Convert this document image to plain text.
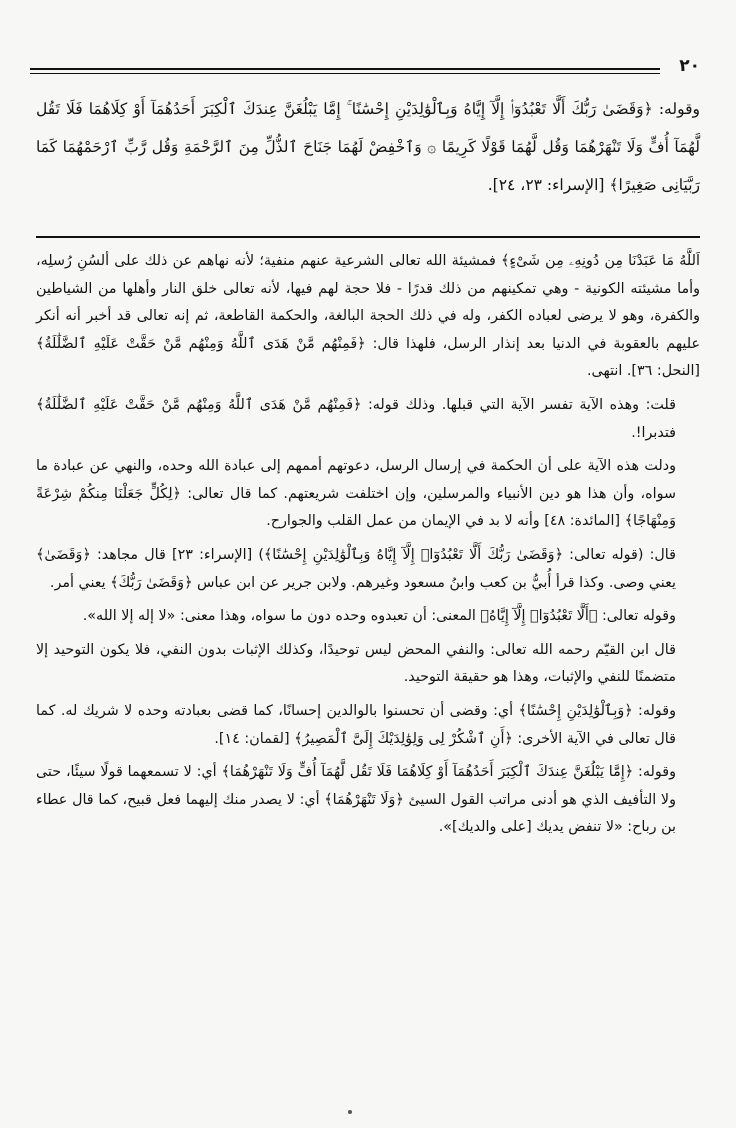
٢٠
وقوله: ﴿وَقَضَىٰ رَبُّكَ أَلَّا تَعْبُدُوٓا۟ إِلَّآ إِيَّاهُ وَبِٱلْوَٰلِدَيْنِ إِحْسَٰنًا ۚ إِمَّا يَبْلُغَنَّ عِندَكَ ٱلْكِبَرَ أَحَدُهُمَآ أَوْ كِلَاهُمَا فَلَا تَقُل لَّهُمَآ أُفٍّ وَلَا تَنْهَرْهُمَا وَقُل لَّهُمَا قَوْلًا كَرِيمًا ۞ وَٱخْفِضْ لَهُمَا جَنَاحَ ٱلذُّلِّ مِنَ ٱلرَّحْمَةِ وَقُل رَّبِّ ٱرْحَمْهُمَا كَمَا رَبَّيَانِى صَغِيرًا﴾ [الإسراء: ٢٣، ٢٤].

اَللَّهُ مَا عَبَدْنَا مِن دُونِهِۦ مِن شَىْءٍ﴾ فمشيئة الله تعالى الشرعية عنهم منفية؛ لأنه نهاهم عن ذلك على ألسُنِ رُسلِه، وأما مشيئته الكونية - وهي تمكينهم من ذلك قدرًا - فلا حجة لهم فيها، لأنه تعالى خلق النار وأهلها من الشياطين والكفرة، وهو لا يرضى لعباده الكفر، وله في ذلك الحجة البالغة، والحكمة القاطعة، ثم إنه تعالى قد أخبر أنه أنكر عليهم بالعقوبة في الدنيا بعد إنذار الرسل، فلهذا قال: ﴿فَمِنْهُم مَّنْ هَدَى ٱللَّهُ وَمِنْهُم مَّنْ حَقَّتْ عَلَيْهِ ٱلضَّلَٰلَةُ﴾ [النحل: ٣٦]. انتهى.

قلت: وهذه الآية تفسر الآية التي قبلها. وذلك قوله: ﴿فَمِنْهُم مَّنْ هَدَى ٱللَّهُ وَمِنْهُم مَّنْ حَقَّتْ عَلَيْهِ ٱلضَّلَٰلَةُ﴾ فتدبرا!.

ودلت هذه الآية على أن الحكمة في إرسال الرسل، دعوتهم أممهم إلى عبادة الله وحده، والنهي عن عبادة ما سواه، وأن هذا هو دين الأنبياء والمرسلين، وإن اختلفت شريعتهم. كما قال تعالى: ﴿لِكُلٍّ جَعَلْنَا مِنكُمْ شِرْعَةً وَمِنْهَاجًا﴾ [المائدة: ٤٨] وأنه لا بد في الإيمان من عمل القلب والجوارح.

قال: (قوله تعالى: ﴿وَقَضَىٰ رَبُّكَ أَلَّا تَعْبُدُوٓا۟ إِلَّآ إِيَّاهُ وَبِٱلْوَٰلِدَيْنِ إِحْسَٰنًا﴾) [الإسراء: ٢٣] قال مجاهد: ﴿وَقَضَىٰ﴾ يعني وصى. وكذا قرأ أُبيُّ بن كعب وابنُ مسعود وغيرهم. ولابن جرير عن ابن عباس ﴿وَقَضَىٰ رَبُّكَ﴾ يعني أمر.

وقوله تعالى: ﴿أَلَّا تَعْبُدُوٓا۟ إِلَّآ إِيَّاهُ﴾ المعنى: أن تعبدوه وحده دون ما سواه، وهذا معنى: «لا إله إلا الله».

قال ابن القيّم رحمه الله تعالى: والنفي المحض ليس توحيدًا، وكذلك الإثبات بدون النفي، فلا يكون التوحيد إلا متضمنًا للنفي والإثبات، وهذا هو حقيقة التوحيد.

وقوله: ﴿وَبِٱلْوَٰلِدَيْنِ إِحْسَٰنًا﴾ أي: وقضى أن تحسنوا بالوالدين إحسانًا، كما قضى بعبادته وحده لا شريك له. كما قال تعالى في الآية الأخرى: ﴿أَنِ ٱشْكُرْ لِى وَلِوَٰلِدَيْكَ إِلَىَّ ٱلْمَصِيرُ﴾ [لقمان: ١٤].

وقوله: ﴿إِمَّا يَبْلُغَنَّ عِندَكَ ٱلْكِبَرَ أَحَدُهُمَآ أَوْ كِلَاهُمَا فَلَا تَقُل لَّهُمَآ أُفٍّ وَلَا تَنْهَرْهُمَا﴾ أي: لا تسمعهما قولًا سيئًا، حتى ولا التأفيف الذي هو أدنى مراتب القول السيئ ﴿وَلَا تَنْهَرْهُمَا﴾ أي: لا يصدر منك إليهما فعل قبيح، كما قال عطاء بن رباح: «لا تنفض يديك [على والديك]».
